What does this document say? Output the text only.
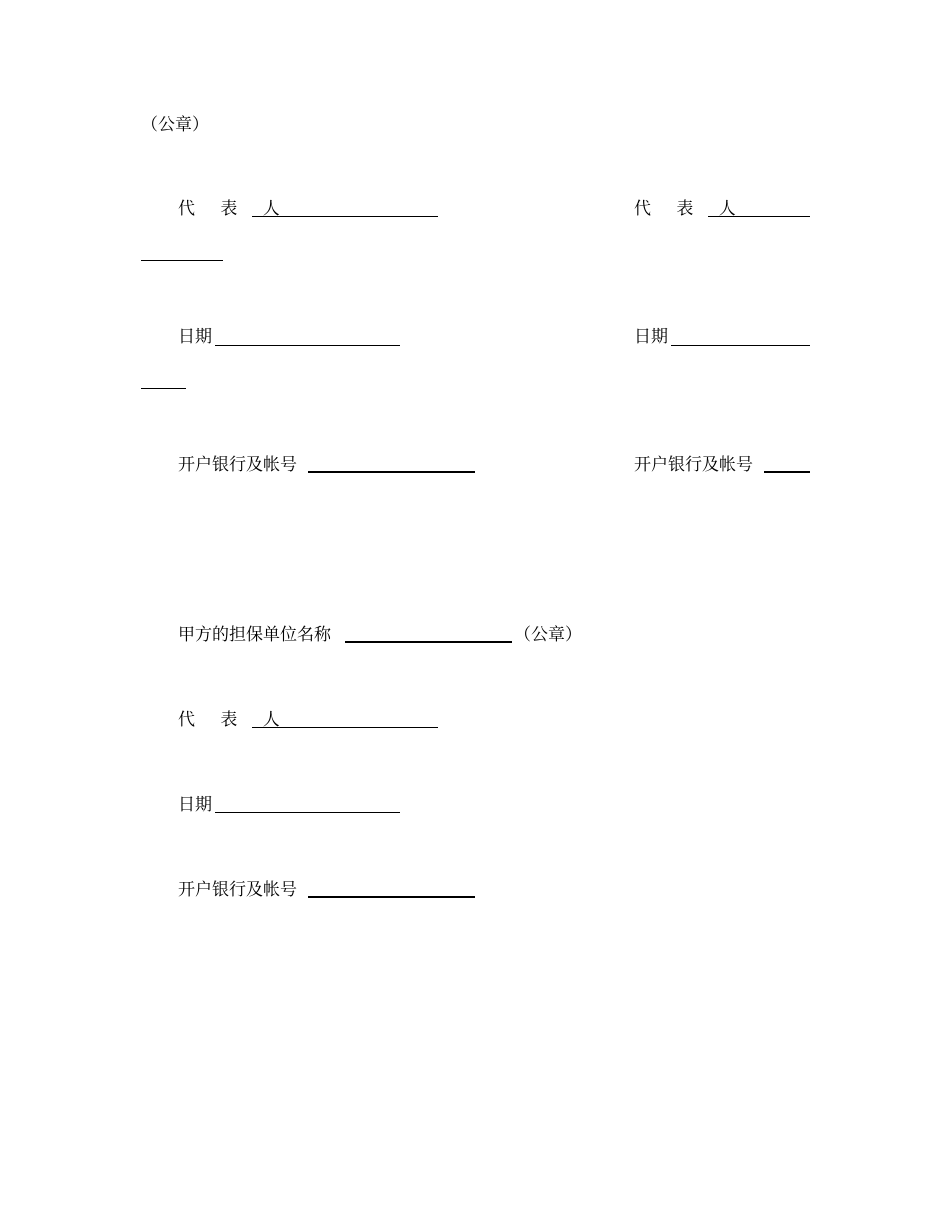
（公章）
代 表 人	代 表 人
日期	日期
开户银行及帐号	开户银行及帐号
甲方的担保单位名称	（公章）
代 表 人
日期
开户银行及帐号
